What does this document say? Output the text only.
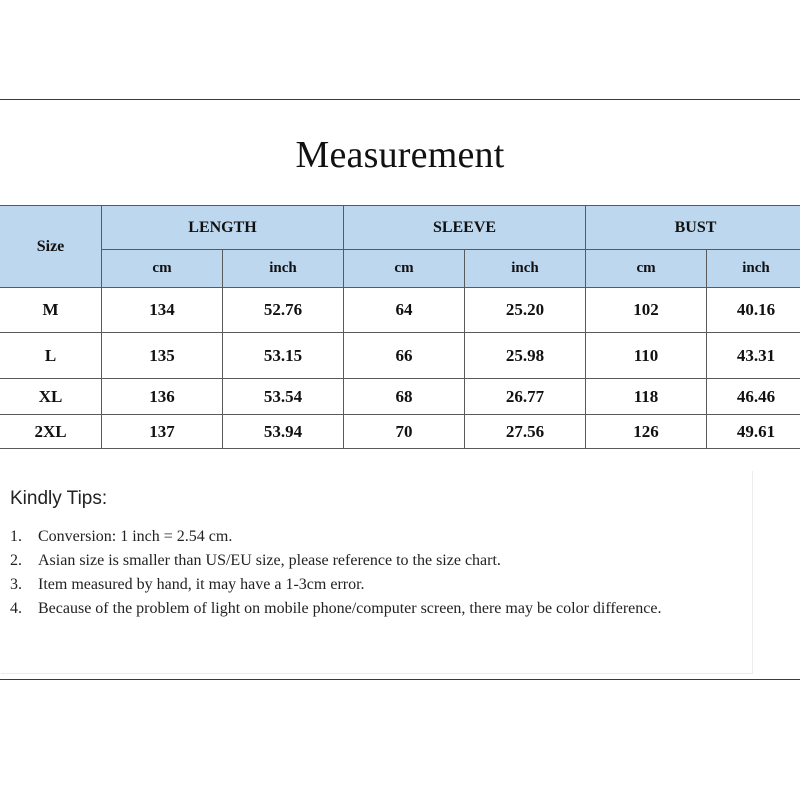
Measurement
Size	LENGTH		SLEEVE		BUST	
	cm	inch	cm	inch	cm	inch
M	134	52.76	64	25.20	102	40.16
L	135	53.15	66	25.98	110	43.31
XL	136	53.54	68	26.77	118	46.46
2XL	137	53.94	70	27.56	126	49.61
Kindly Tips:
1.	Conversion: 1 inch = 2.54 cm.
2.	Asian size is smaller than US/EU size, please reference to the size chart.
3.	Item measured by hand, it may have a 1-3cm error.
4.	Because of the problem of light on mobile phone/computer screen, there may be color difference.
